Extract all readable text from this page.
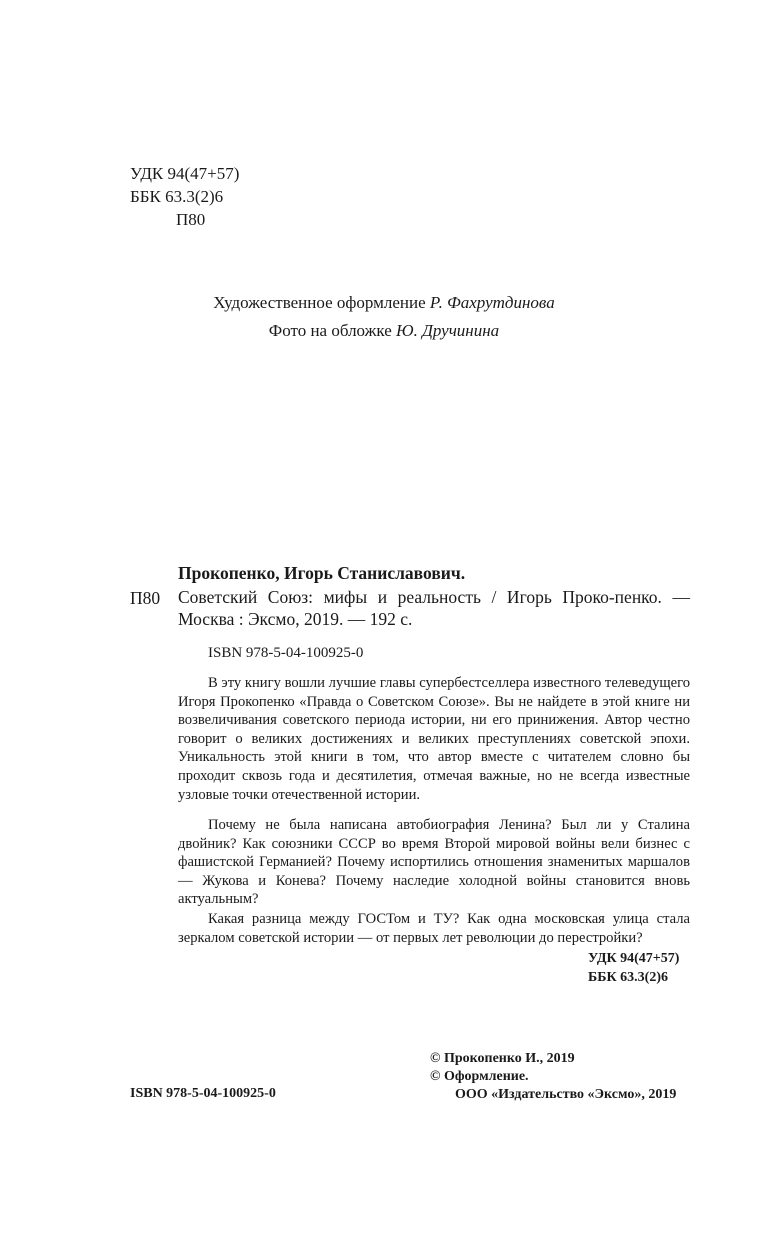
УДК 94(47+57)
ББК 63.3(2)6
П80
Художественное оформление Р. Фахрутдинова
Фото на обложке Ю. Дручинина
Прокопенко, Игорь Станиславович.
П80 Советский Союз: мифы и реальность / Игорь Проко-пенко. — Москва : Эксмо, 2019. — 192 с.
ISBN 978-5-04-100925-0

В эту книгу вошли лучшие главы супербестселлера известного телеведущего Игоря Прокопенко «Правда о Советском Союзе». Вы не найдете в этой книге ни возвеличивания советского периода истории, ни его принижения. Автор честно говорит о великих достижениях и великих преступлениях советской эпохи. Уникальность этой книги в том, что автор вместе с читателем словно бы проходит сквозь года и десятилетия, отмечая важные, но не всегда известные узловые точки отечественной истории.

Почему не была написана автобиография Ленина? Был ли у Сталина двойник? Как союзники СССР во время Второй мировой войны вели бизнес с фашистской Германией? Почему испортились отношения знаменитых маршалов — Жукова и Конева? Почему наследие холодной войны становится вновь актуальным?

Какая разница между ГОСТом и ТУ? Как одна московская улица стала зеркалом советской истории — от первых лет революции до перестройки?

УДК 94(47+57)
ББК 63.3(2)6
ISBN 978-5-04-100925-0
© Прокопенко И., 2019
© Оформление.
ООО «Издательство «Эксмо», 2019
